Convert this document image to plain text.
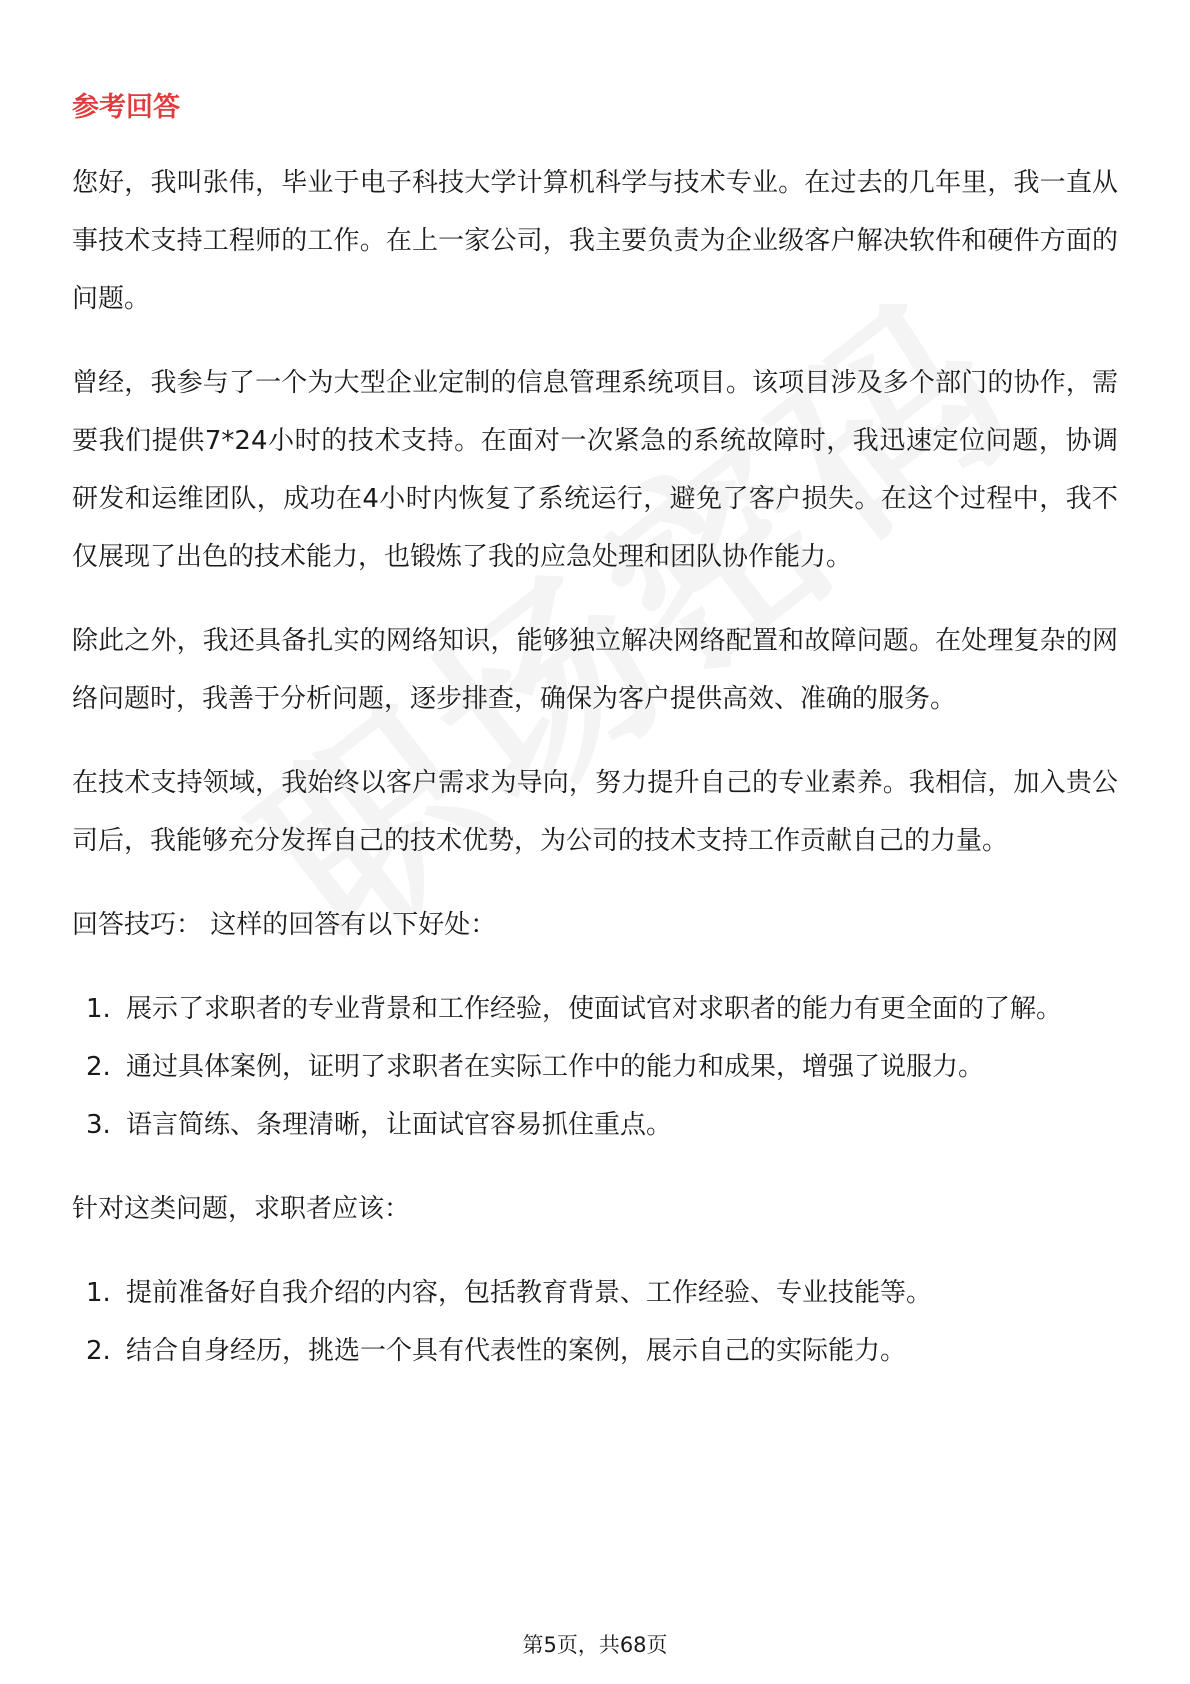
参考回答

您好，我叫张伟，毕业于电子科技大学计算机科学与技术专业。在过去的几年里，我一直从事技术支持工程师的工作。在上一家公司，我主要负责为企业级客户解决软件和硬件方面的问题。

曾经，我参与了一个为大型企业定制的信息管理系统项目。该项目涉及多个部门的协作，需要我们提供7*24小时的技术支持。在面对一次紧急的系统故障时，我迅速定位问题，协调研发和运维团队，成功在4小时内恢复了系统运行，避免了客户损失。在这个过程中，我不仅展现了出色的技术能力，也锻炼了我的应急处理和团队协作能力。

除此之外，我还具备扎实的网络知识，能够独立解决网络配置和故障问题。在处理复杂的网络问题时，我善于分析问题，逐步排查，确保为客户提供高效、准确的服务。

在技术支持领域，我始终以客户需求为导向，努力提升自己的专业素养。我相信，加入贵公司后，我能够充分发挥自己的技术优势，为公司的技术支持工作贡献自己的力量。

回答技巧： 这样的回答有以下好处：
1. 展示了求职者的专业背景和工作经验，使面试官对求职者的能力有更全面的了解。
2. 通过具体案例，证明了求职者在实际工作中的能力和成果，增强了说服力。
3. 语言简练、条理清晰，让面试官容易抓住重点。
针对这类问题，求职者应该：
1. 提前准备好自我介绍的内容，包括教育背景、工作经验、专业技能等。
2. 结合自身经历，挑选一个具有代表性的案例，展示自己的实际能力。
第5页，共68页
